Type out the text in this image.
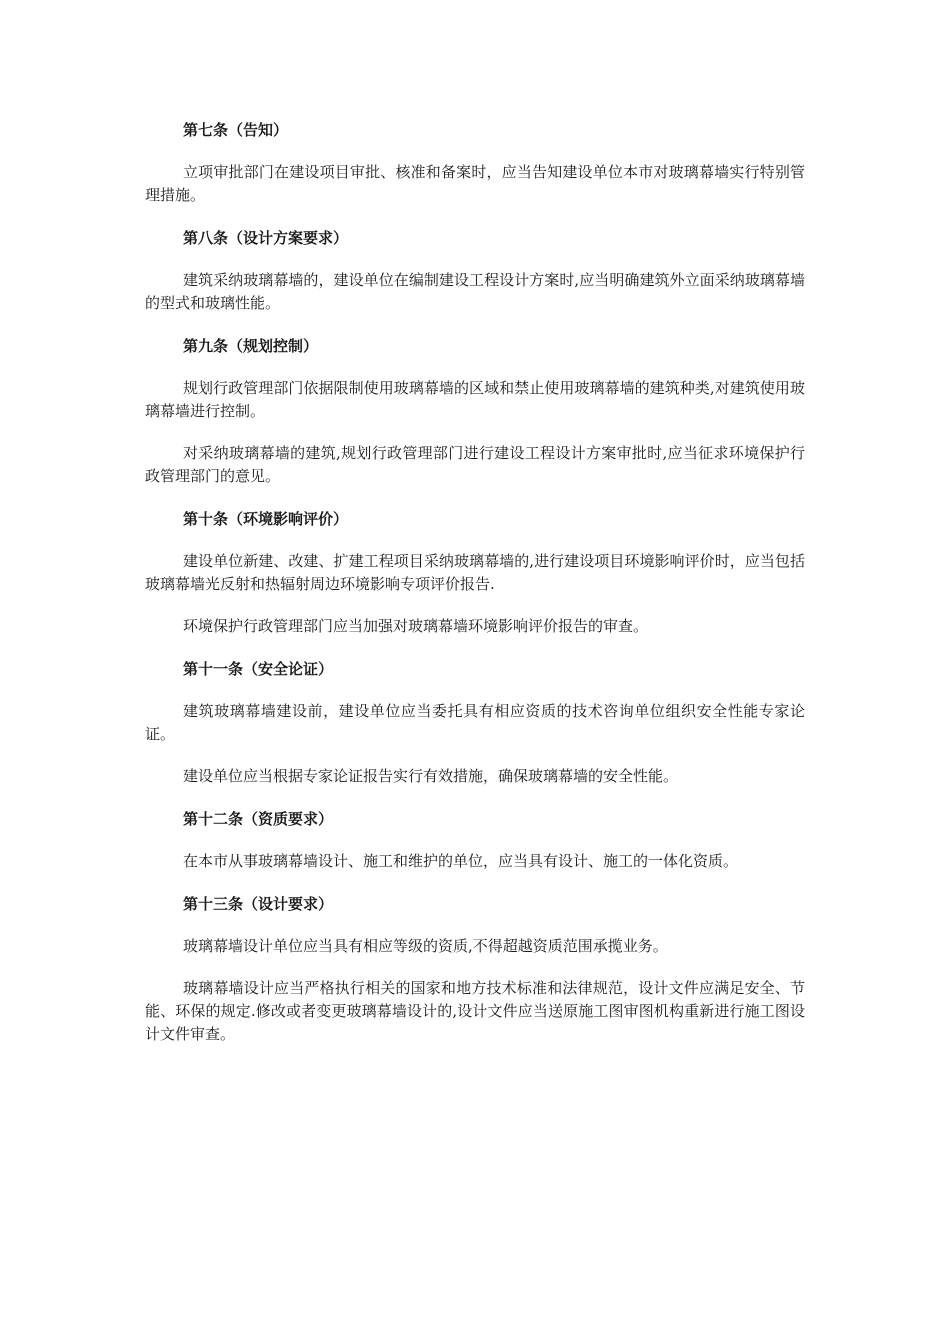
第七条（告知）

立项审批部门在建设项目审批、核准和备案时，应当告知建设单位本市对玻璃幕墙实行特别管理措施。

第八条（设计方案要求）

建筑采纳玻璃幕墙的，建设单位在编制建设工程设计方案时,应当明确建筑外立面采纳玻璃幕墙的型式和玻璃性能。

第九条（规划控制）

规划行政管理部门依据限制使用玻璃幕墙的区域和禁止使用玻璃幕墙的建筑种类,对建筑使用玻璃幕墙进行控制。

对采纳玻璃幕墙的建筑,规划行政管理部门进行建设工程设计方案审批时,应当征求环境保护行政管理部门的意见。

第十条（环境影响评价）

建设单位新建、改建、扩建工程项目采纳玻璃幕墙的,进行建设项目环境影响评价时，应当包括玻璃幕墙光反射和热辐射周边环境影响专项评价报告.

环境保护行政管理部门应当加强对玻璃幕墙环境影响评价报告的审查。

第十一条（安全论证）

建筑玻璃幕墙建设前，建设单位应当委托具有相应资质的技术咨询单位组织安全性能专家论证。

建设单位应当根据专家论证报告实行有效措施，确保玻璃幕墙的安全性能。

第十二条（资质要求）

在本市从事玻璃幕墙设计、施工和维护的单位，应当具有设计、施工的一体化资质。

第十三条（设计要求）

玻璃幕墙设计单位应当具有相应等级的资质,不得超越资质范围承揽业务。

玻璃幕墙设计应当严格执行相关的国家和地方技术标准和法律规范，设计文件应满足安全、节能、环保的规定.修改或者变更玻璃幕墙设计的,设计文件应当送原施工图审图机构重新进行施工图设计文件审查。
